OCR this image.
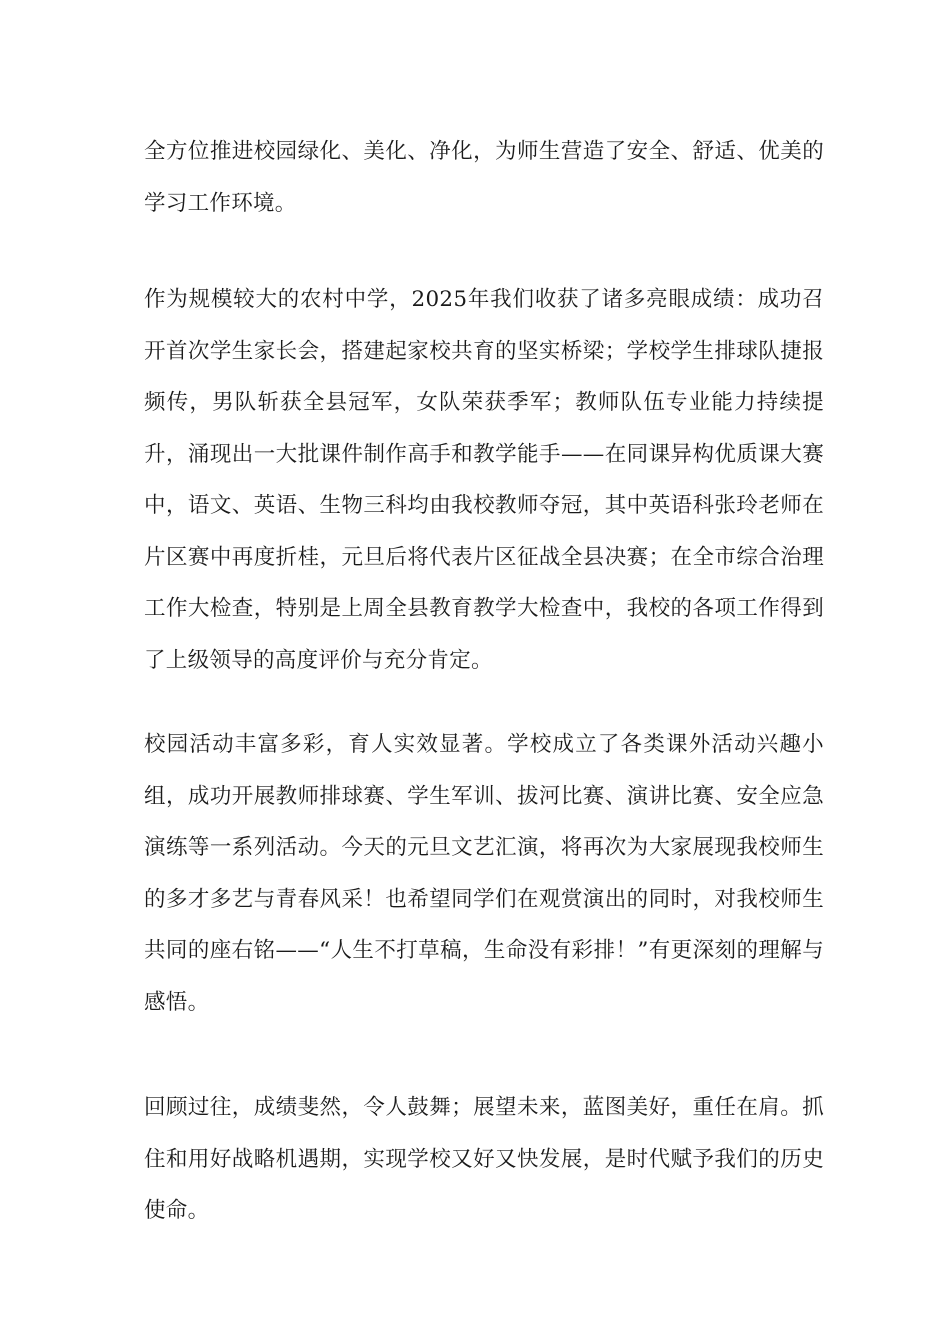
全方位推进校园绿化、美化、净化，为师生营造了安全、舒适、优美的学习工作环境。

作为规模较大的农村中学，2025年我们收获了诸多亮眼成绩：成功召开首次学生家长会，搭建起家校共育的坚实桥梁；学校学生排球队捷报频传，男队斩获全县冠军，女队荣获季军；教师队伍专业能力持续提升，涌现出一大批课件制作高手和教学能手——在同课异构优质课大赛中，语文、英语、生物三科均由我校教师夺冠，其中英语科张玲老师在片区赛中再度折桂，元旦后将代表片区征战全县决赛；在全市综合治理工作大检查，特别是上周全县教育教学大检查中，我校的各项工作得到了上级领导的高度评价与充分肯定。

校园活动丰富多彩，育人实效显著。学校成立了各类课外活动兴趣小组，成功开展教师排球赛、学生军训、拔河比赛、演讲比赛、安全应急演练等一系列活动。今天的元旦文艺汇演，将再次为大家展现我校师生的多才多艺与青春风采！也希望同学们在观赏演出的同时，对我校师生共同的座右铭——“人生不打草稿，生命没有彩排！”有更深刻的理解与感悟。

回顾过往，成绩斐然，令人鼓舞；展望未来，蓝图美好，重任在肩。抓住和用好战略机遇期，实现学校又好又快发展，是时代赋予我们的历史使命。
